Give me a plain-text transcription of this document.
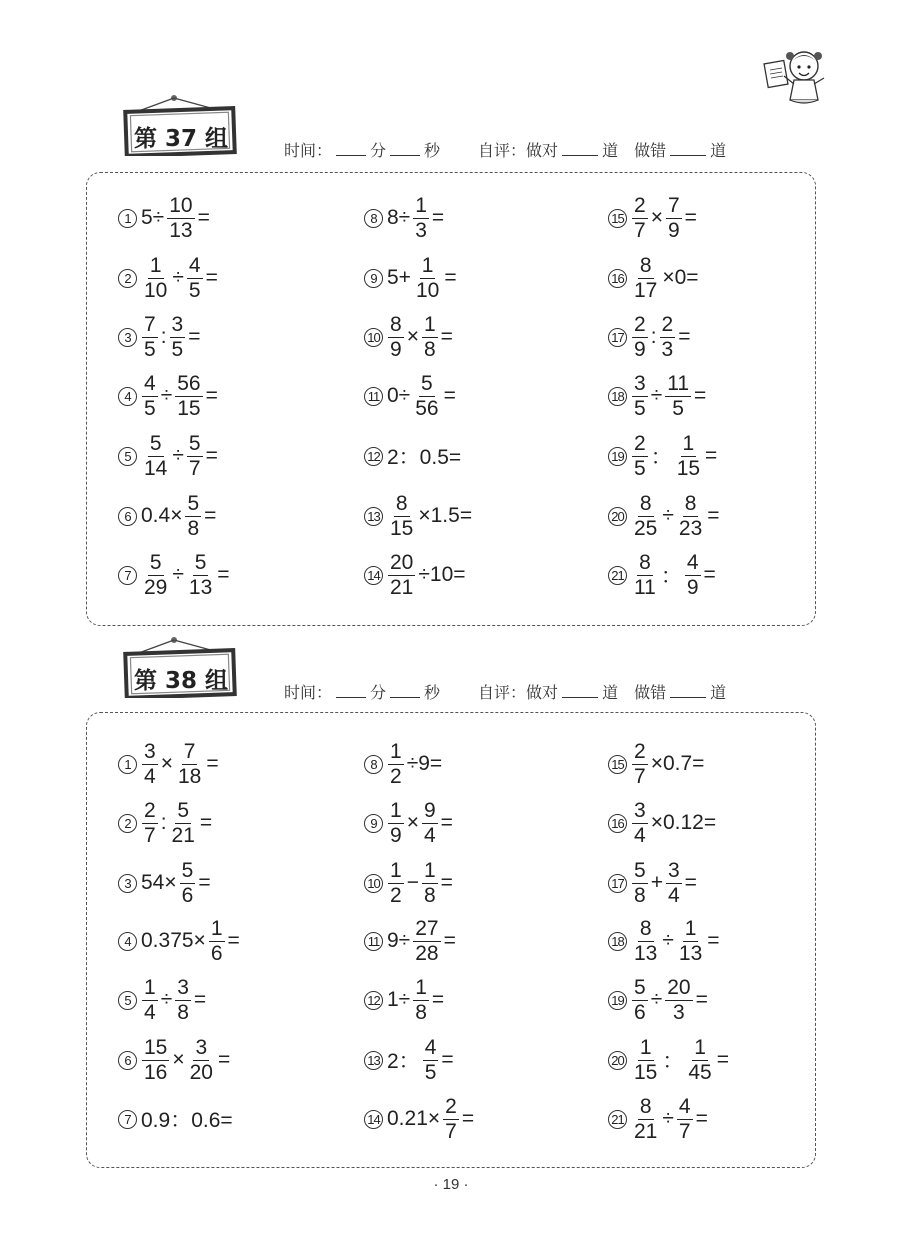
第 37 组	时间： 分 秒 自评：做对	道 做错	道
1 $5\div \frac{10}{13}$ =
$2 \frac{1}{10} \div \frac{4}{5}$ =
$3 \frac{7}{5}$ : $\frac{3}{5}$ =
$4 \frac{4}{5} \div \frac{56}{15}$ =
$5 \frac{5}{14} \div \frac{5}{7}$ =
6 $0.4\times \frac{5}{8}$ =
$7 \frac{5}{29} \div \frac{5}{13}$ =
8 $8\div \frac{1}{3}$ =
9 $5+ \frac{1}{10}$ =
$10 \frac{8}{9} \times \frac{1}{8}$ =
11 $0\div \frac{5}{56}$ =
12 2：0.5=
$13 \frac{8}{15} \times 1.5=$
$14 \frac{20}{21} \div 10=$
$15 \frac{2}{7} \times \frac{7}{9}$ =
$16 \frac{8}{17} \times 0=$
$17 \frac{2}{9}$ : $\frac{2}{3}$ =
$18 \frac{3}{5} \div \frac{11}{5}$ =
$19 \frac{2}{5}$ ： $\frac{1}{15}$ =
$20 \frac{8}{25} \div \frac{8}{23}$ =
$21 \frac{8}{11}$ ： $\frac{4}{9}$ =
第 38 组	时间： 分 秒 自评：做对	道 做错	道
$1 \frac{3}{4} \times \frac{7}{18}$ =
$2 \frac{2}{7}$ : $\frac{5}{21}$ =
3 $54\times \frac{5}{6}$ =
4 $0.375\times \frac{1}{6}$ =
$5 \frac{1}{4} \div \frac{3}{8}$ =
$6 \frac{15}{16} \times \frac{3}{20}$ =
7 0.9：0.6=
$8 \frac{1}{2} \div 9=$
$9 \frac{1}{9} \times \frac{9}{4}$ =
$10 \frac{1}{2} - \frac{1}{8}$ =
11 $9\div \frac{27}{28}$ =
12 $1\div \frac{1}{8}$ =
13 2： $\frac{4}{5}$ =
14 $0.21\times \frac{2}{7}$ =
$15 \frac{2}{7} \times 0.7=$
$16 \frac{3}{4} \times 0.12=$
$17 \frac{5}{8} + \frac{3}{4}$ =
$18 \frac{8}{13} \div \frac{1}{13}$ =
$19 \frac{5}{6} \div \frac{20}{3}$ =
$20 \frac{1}{15}$ ： $\frac{1}{45}$ =
$21 \frac{8}{21} \div \frac{4}{7}$ =
· 19 ·
